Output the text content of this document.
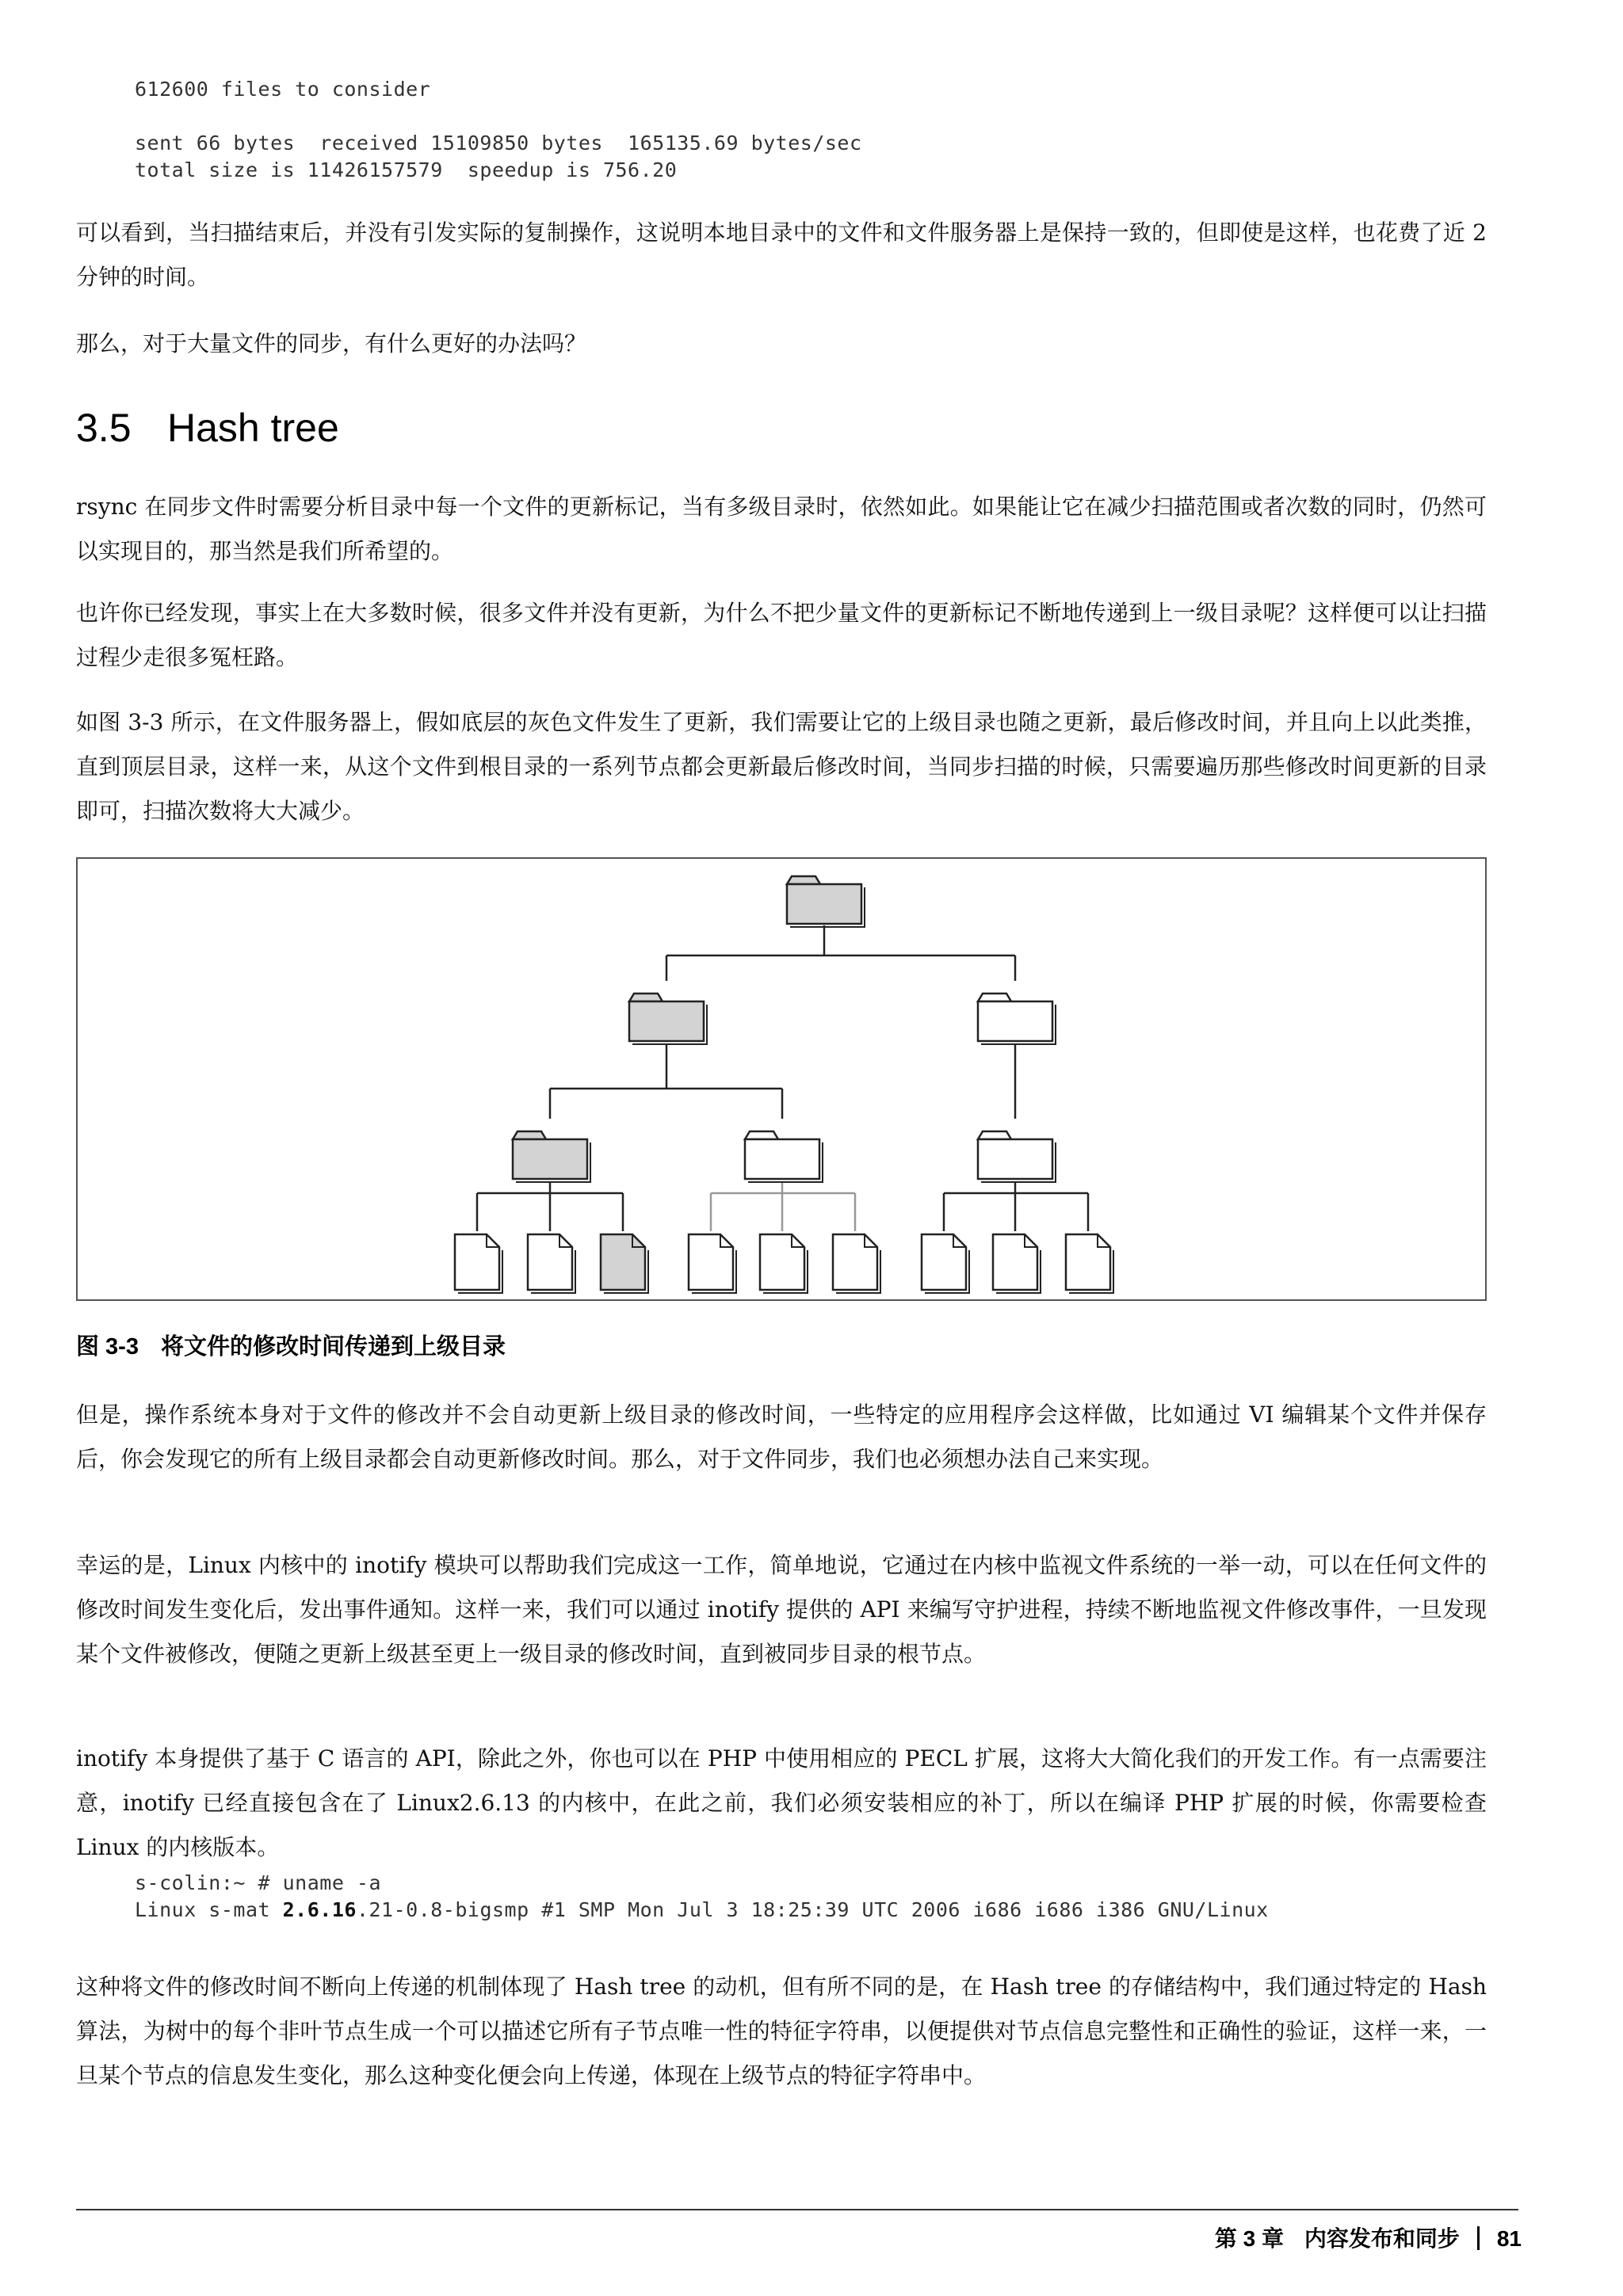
612600 files to consider

sent 66 bytes  received 15109850 bytes  165135.69 bytes/sec
total size is 11426157579  speedup is 756.20

可以看到，当扫描结束后，并没有引发实际的复制操作，这说明本地目录中的文件和文件服务器上是保持一致的，但即使是这样，也花费了近 2 分钟的时间。

那么，对于大量文件的同步，有什么更好的办法吗？

3.5 Hash tree

rsync 在同步文件时需要分析目录中每一个文件的更新标记，当有多级目录时，依然如此。如果能让它在减少扫描范围或者次数的同时，仍然可以实现目的，那当然是我们所希望的。

也许你已经发现，事实上在大多数时候，很多文件并没有更新，为什么不把少量文件的更新标记不断地传递到上一级目录呢？这样便可以让扫描过程少走很多冤枉路。

如图 3-3 所示，在文件服务器上，假如底层的灰色文件发生了更新，我们需要让它的上级目录也随之更新，最后修改时间，并且向上以此类推，直到顶层目录，这样一来，从这个文件到根目录的一系列节点都会更新最后修改时间，当同步扫描的时候，只需要遍历那些修改时间更新的目录即可，扫描次数将大大减少。

图 3-3 将文件的修改时间传递到上级目录

但是，操作系统本身对于文件的修改并不会自动更新上级目录的修改时间，一些特定的应用程序会这样做，比如通过 VI 编辑某个文件并保存后，你会发现它的所有上级目录都会自动更新修改时间。那么，对于文件同步，我们也必须想办法自己来实现。

幸运的是，Linux 内核中的 inotify 模块可以帮助我们完成这一工作，简单地说，它通过在内核中监视文件系统的一举一动，可以在任何文件的修改时间发生变化后，发出事件通知。这样一来，我们可以通过 inotify 提供的 API 来编写守护进程，持续不断地监视文件修改事件，一旦发现某个文件被修改，便随之更新上级甚至更上一级目录的修改时间，直到被同步目录的根节点。

inotify 本身提供了基于 C 语言的 API，除此之外，你也可以在 PHP 中使用相应的 PECL 扩展，这将大大简化我们的开发工作。有一点需要注意，inotify 已经直接包含在了 Linux2.6.13 的内核中，在此之前，我们必须安装相应的补丁，所以在编译 PHP 扩展的时候，你需要检查 Linux 的内核版本。

s-colin:~ # uname -a
Linux s-mat 2.6.16.21-0.8-bigsmp #1 SMP Mon Jul 3 18:25:39 UTC 2006 i686 i686 i386 GNU/Linux

这种将文件的修改时间不断向上传递的机制体现了 Hash tree 的动机，但有所不同的是，在 Hash tree 的存储结构中，我们通过特定的 Hash 算法，为树中的每个非叶节点生成一个可以描述它所有子节点唯一性的特征字符串，以便提供对节点信息完整性和正确性的验证，这样一来，一旦某个节点的信息发生变化，那么这种变化便会向上传递，体现在上级节点的特征字符串中。

第 3 章 内容发布和同步 81
